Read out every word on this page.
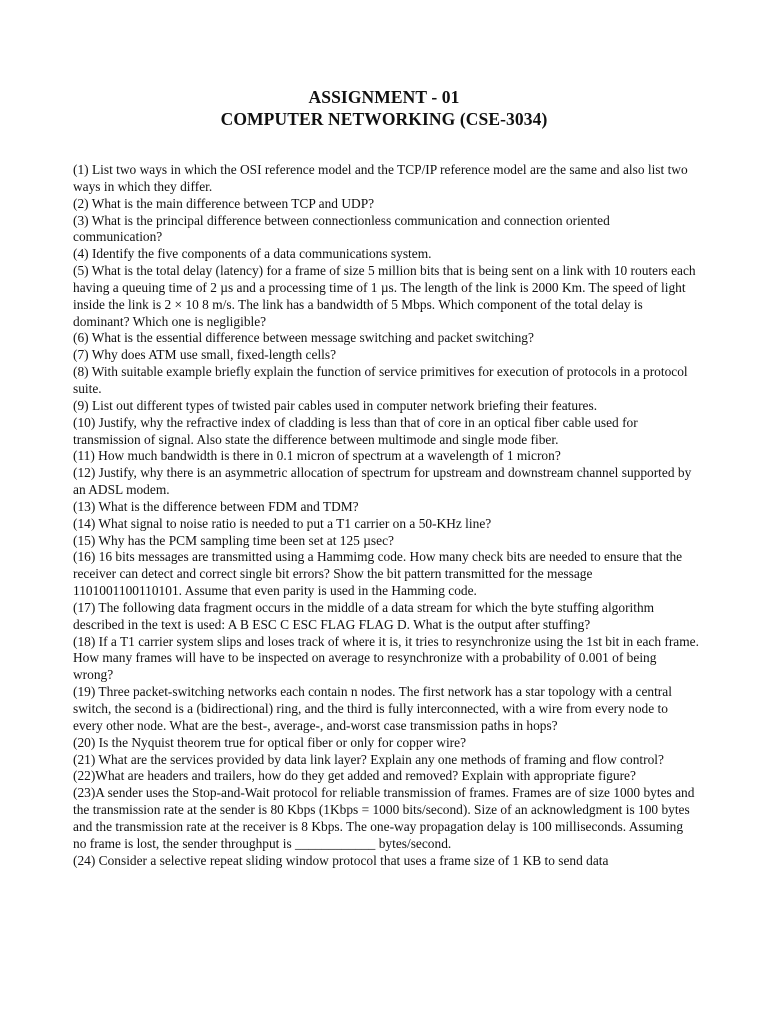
ASSIGNMENT - 01
COMPUTER NETWORKING (CSE-3034)

(1) List two ways in which the OSI reference model and the TCP/IP reference model are the same and also list two ways in which they differ.

(2) What is the main difference between TCP and UDP?

(3) What is the principal difference between connectionless communication and connection oriented communication?

(4) Identify the five components of a data communications system.

(5) What is the total delay (latency) for a frame of size 5 million bits that is being sent on a link with 10 routers each having a queuing time of 2 µs and a processing time of 1 µs. The length of the link is 2000 Km. The speed of light inside the link is 2 × 10 8 m/s. The link has a bandwidth of 5 Mbps. Which component of the total delay is dominant? Which one is negligible?

(6) What is the essential difference between message switching and packet switching?

(7) Why does ATM use small, fixed-length cells?

(8) With suitable example briefly explain the function of service primitives for execution of protocols in a protocol suite.

(9) List out different types of twisted pair cables used in computer network briefing their features.

(10) Justify, why the refractive index of cladding is less than that of core in an optical fiber cable used for transmission of signal. Also state the difference between multimode and single mode fiber.

(11) How much bandwidth is there in 0.1 micron of spectrum at a wavelength of 1 micron?

(12) Justify, why there is an asymmetric allocation of spectrum for upstream and downstream channel supported by an ADSL modem.

(13) What is the difference between FDM and TDM?

(14) What signal to noise ratio is needed to put a T1 carrier on a 50-KHz line?

(15) Why has the PCM sampling time been set at 125 µsec?

(16) 16 bits messages are transmitted using a Hammimg code. How many check bits are needed to ensure that the receiver can detect and correct single bit errors? Show the bit pattern transmitted for the message 1101001100110101. Assume that even parity is used in the Hamming code.

(17) The following data fragment occurs in the middle of a data stream for which the byte stuffing algorithm described in the text is used: A B ESC C ESC FLAG FLAG D. What is the output after stuffing?

(18) If a T1 carrier system slips and loses track of where it is, it tries to resynchronize using the 1st bit in each frame. How many frames will have to be inspected on average to resynchronize with a probability of 0.001 of being wrong?

(19) Three packet-switching networks each contain n nodes. The first network has a star topology with a central switch, the second is a (bidirectional) ring, and the third is fully interconnected, with a wire from every node to every other node. What are the best-, average-, and-worst case transmission paths in hops?

(20) Is the Nyquist theorem true for optical fiber or only for copper wire?

(21) What are the services provided by data link layer? Explain any one methods of framing and flow control?

(22)What are headers and trailers, how do they get added and removed? Explain with appropriate figure?

(23)A sender uses the Stop-and-Wait protocol for reliable transmission of frames. Frames are of size 1000 bytes and the transmission rate at the sender is 80 Kbps (1Kbps = 1000 bits/second). Size of an acknowledgment is 100 bytes and the transmission rate at the receiver is 8 Kbps. The one-way propagation delay is 100 milliseconds. Assuming no frame is lost, the sender throughput is ____________ bytes/second.

(24) Consider a selective repeat sliding window protocol that uses a frame size of 1 KB to send data
